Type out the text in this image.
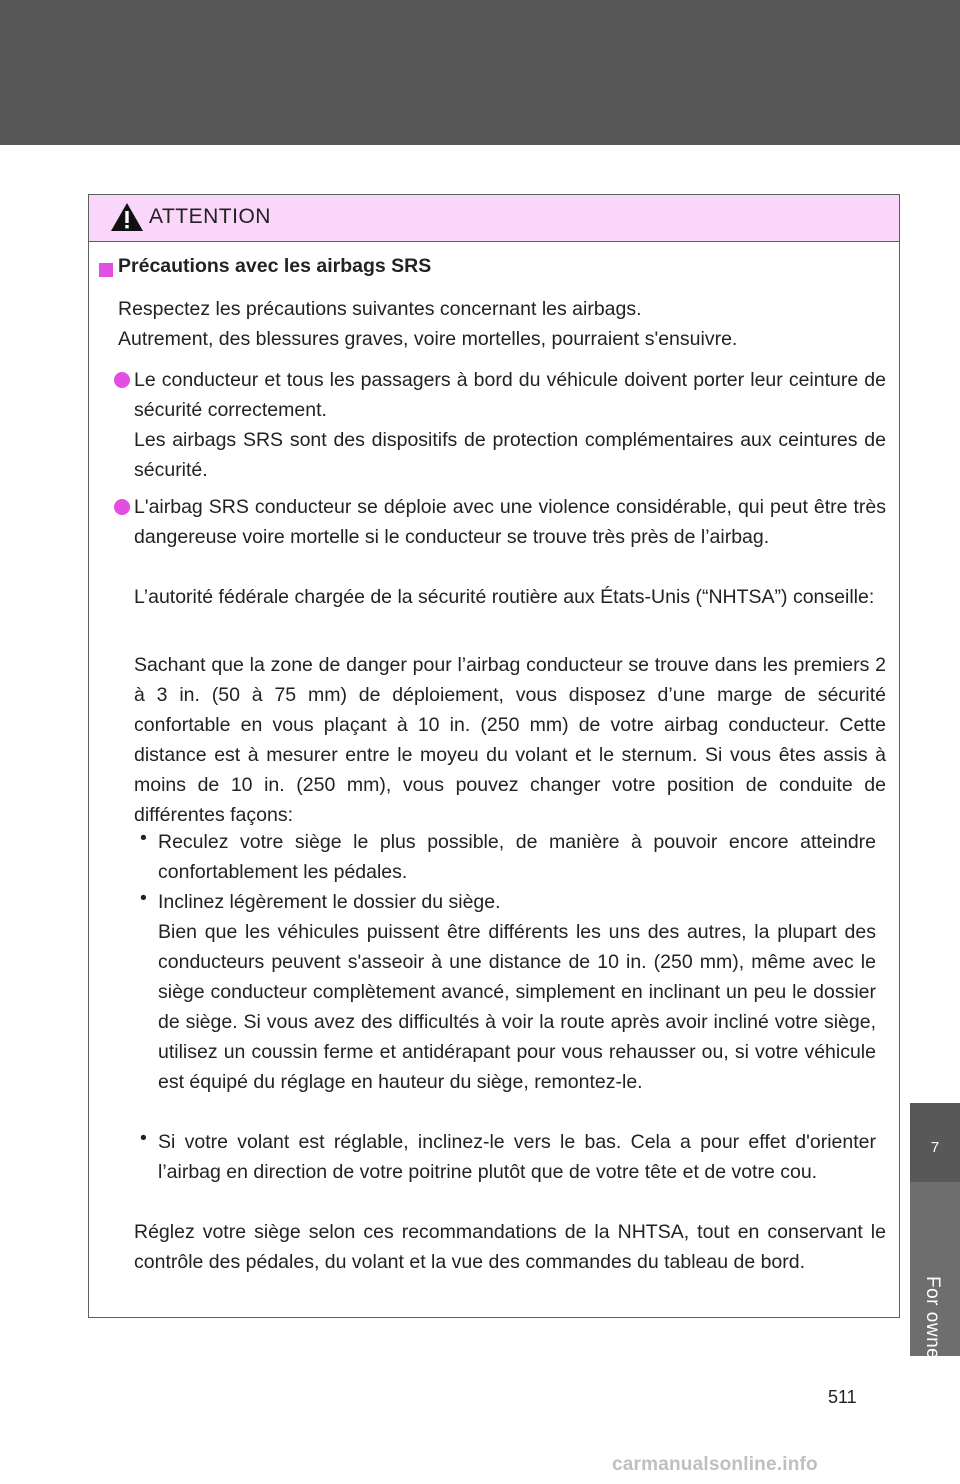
7
For owners
ATTENTION
Précautions avec les airbags SRS
Respectez les précautions suivantes concernant les airbags.
Autrement, des blessures graves, voire mortelles, pourraient s'ensuivre.
Le conducteur et tous les passagers à bord du véhicule doivent porter leur ceinture de sécurité correctement.
Les airbags SRS sont des dispositifs de protection complémentaires aux ceintures de sécurité.
L'airbag SRS conducteur se déploie avec une violence considérable, qui peut être très dangereuse voire mortelle si le conducteur se trouve très près de l’airbag.
L’autorité fédérale chargée de la sécurité routière aux États-Unis (“NHTSA”) conseille:
Sachant que la zone de danger pour l’airbag conducteur se trouve dans les premiers 2 à 3 in. (50 à 75 mm) de déploiement, vous disposez d’une marge de sécurité confortable en vous plaçant à 10 in. (250 mm) de votre airbag conducteur. Cette distance est à mesurer entre le moyeu du volant et le sternum. Si vous êtes assis à moins de 10 in. (250 mm), vous pouvez changer votre position de conduite de différentes façons:
• Reculez votre siège le plus possible, de manière à pouvoir encore atteindre confortablement les pédales.
• Inclinez légèrement le dossier du siège.
Bien que les véhicules puissent être différents les uns des autres, la plupart des conducteurs peuvent s'asseoir à une distance de 10 in. (250 mm), même avec le siège conducteur complètement avancé, simplement en inclinant un peu le dossier de siège. Si vous avez des difficultés à voir la route après avoir incliné votre siège, utilisez un coussin ferme et antidérapant pour vous rehausser ou, si votre véhicule est équipé du réglage en hauteur du siège, remontez-le.
• Si votre volant est réglable, inclinez-le vers le bas. Cela a pour effet d'orienter l’airbag en direction de votre poitrine plutôt que de votre tête et de votre cou.
Réglez votre siège selon ces recommandations de la NHTSA, tout en conservant le contrôle des pédales, du volant et la vue des commandes du tableau de bord.
511
carmanualsonline.info
